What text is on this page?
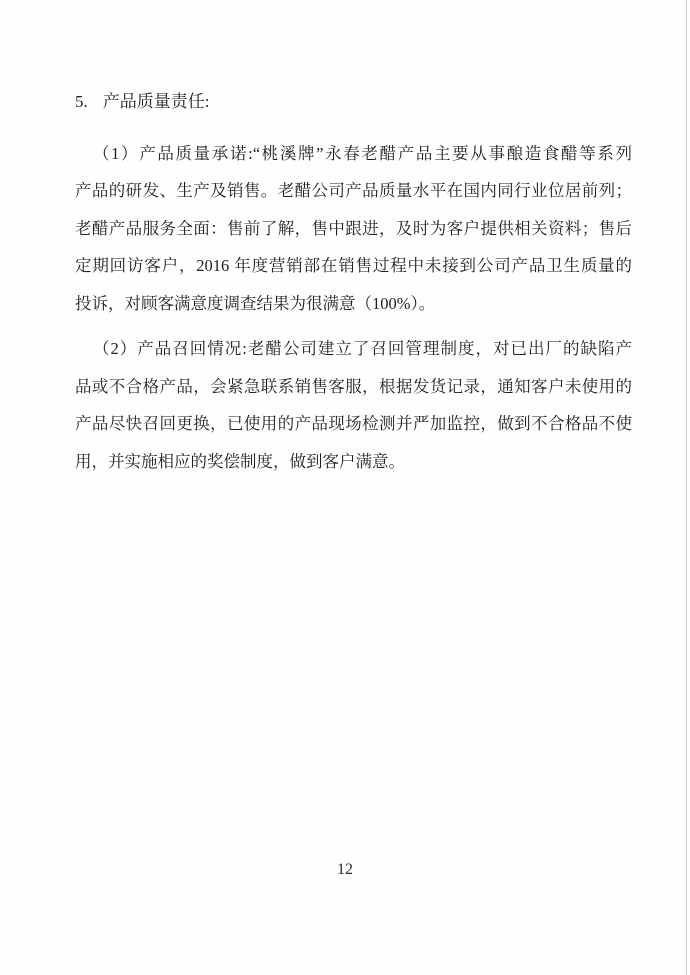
5. 产品质量责任:
（1）产品质量承诺:“桃溪牌”永春老醋产品主要从事酿造食醋等系列
产品的研发、生产及销售。老醋公司产品质量水平在国内同行业位居前列；
老醋产品服务全面：售前了解，售中跟进，及时为客户提供相关资料；售后
定期回访客户，2016 年度营销部在销售过程中未接到公司产品卫生质量的
投诉，对顾客满意度调查结果为很满意（100%）。
（2）产品召回情况:老醋公司建立了召回管理制度，对已出厂的缺陷产
品或不合格产品，会紧急联系销售客服，根据发货记录，通知客户未使用的
产品尽快召回更换，已使用的产品现场检测并严加监控，做到不合格品不使
用，并实施相应的奖偿制度，做到客户满意。
12
